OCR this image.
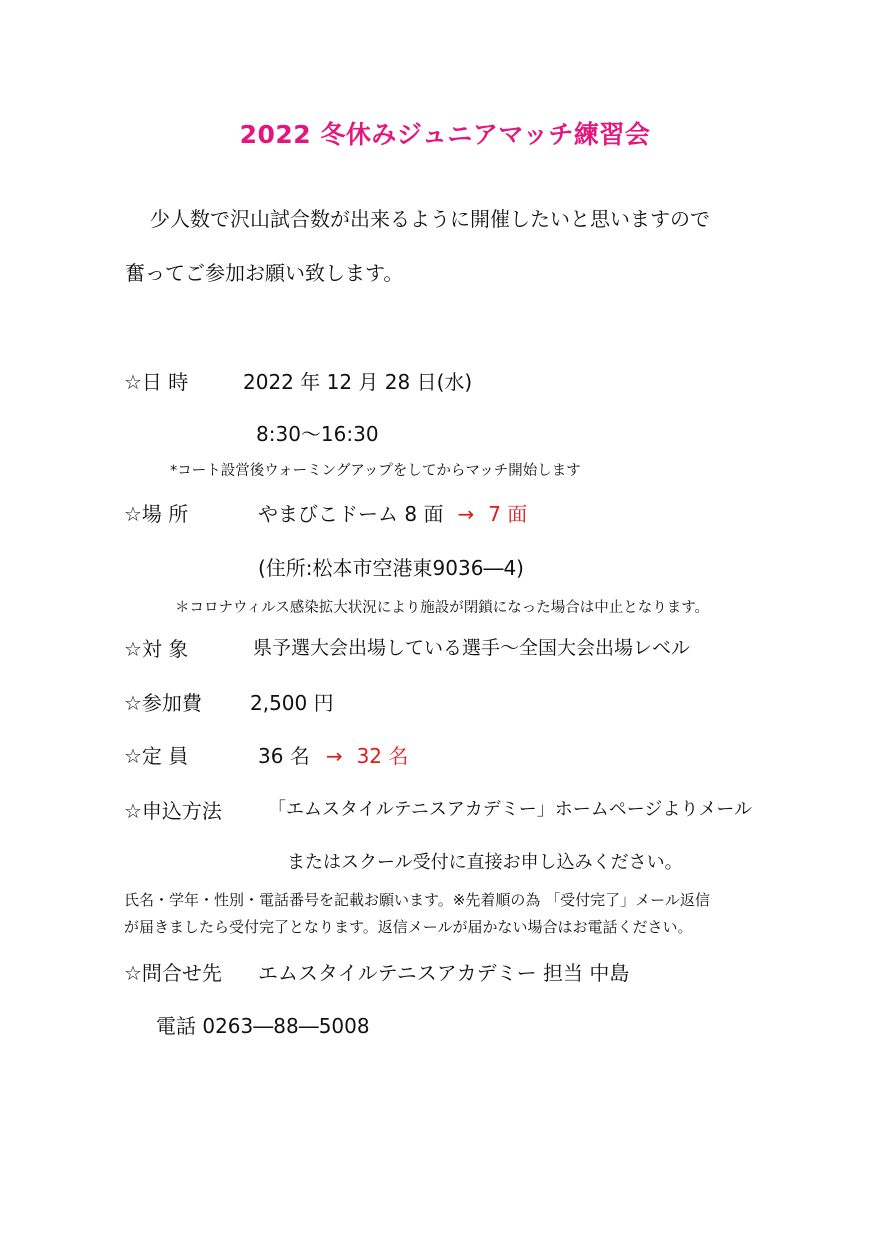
2022 冬休みジュニアマッチ練習会
少人数で沢山試合数が出来るように開催したいと思いますので
奮ってご参加お願い致します。
☆日 時	2022 年 12 月 28 日(水)
8:30～16:30
*コート設営後ウォーミングアップをしてからマッチ開始します
☆場 所	やまびこドーム 8 面 → 7 面
(住所:松本市空港東9036―4)
＊コロナウィルス感染拡大状況により施設が閉鎖になった場合は中止となります。
☆対 象	県予選大会出場している選手～全国大会出場レベル
☆参加費 2,500 円
☆定 員	36 名 → 32 名
☆申込方法	「エムスタイルテニスアカデミー」ホームページよりメール
またはスクール受付に直接お申し込みください。
氏名・学年・性別・電話番号を記載お願います。※先着順の為 「受付完了」メール返信
が届きましたら受付完了となります。返信メールが届かない場合はお電話ください。
☆問合せ先 エムスタイルテニスアカデミー 担当 中島
電話 0263―88―5008
